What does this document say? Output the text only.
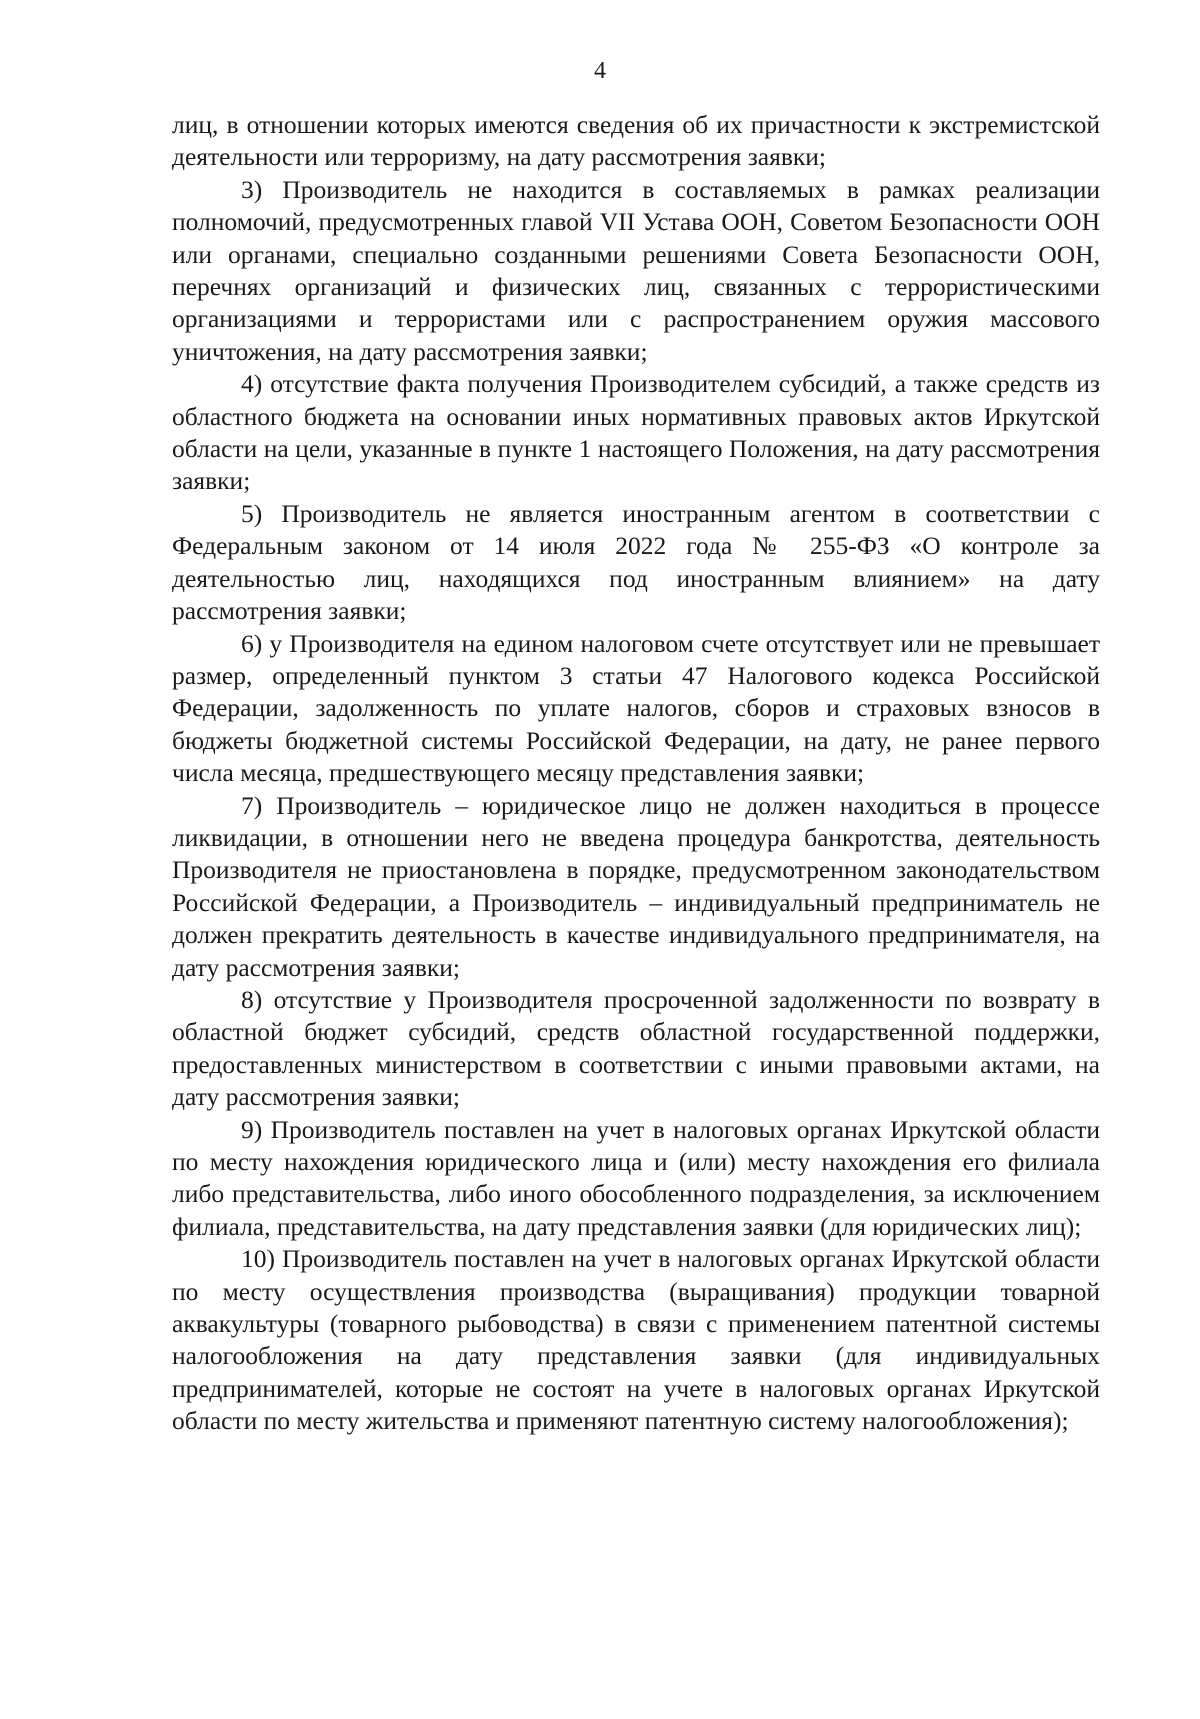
4

лиц, в отношении которых имеются сведения об их причастности к экстремистской деятельности или терроризму, на дату рассмотрения заявки;

3) Производитель не находится в составляемых в рамках реализации полномочий, предусмотренных главой VII Устава ООН, Советом Безопасности ООН или органами, специально созданными решениями Совета Безопасности ООН, перечнях организаций и физических лиц, связанных с террористическими организациями и террористами или с распространением оружия массового уничтожения, на дату рассмотрения заявки;

4) отсутствие факта получения Производителем субсидий, а также средств из областного бюджета на основании иных нормативных правовых актов Иркутской области на цели, указанные в пункте 1 настоящего Положения, на дату рассмотрения заявки;

5) Производитель не является иностранным агентом в соответствии с Федеральным законом от 14 июля 2022 года № 255-ФЗ «О контроле за деятельностью лиц, находящихся под иностранным влиянием» на дату рассмотрения заявки;

6) у Производителя на едином налоговом счете отсутствует или не превышает размер, определенный пунктом 3 статьи 47 Налогового кодекса Российской Федерации, задолженность по уплате налогов, сборов и страховых взносов в бюджеты бюджетной системы Российской Федерации, на дату, не ранее первого числа месяца, предшествующего месяцу представления заявки;

7) Производитель – юридическое лицо не должен находиться в процессе ликвидации, в отношении него не введена процедура банкротства, деятельность Производителя не приостановлена в порядке, предусмотренном законодательством Российской Федерации, а Производитель – индивидуальный предприниматель не должен прекратить деятельность в качестве индивидуального предпринимателя, на дату рассмотрения заявки;

8) отсутствие у Производителя просроченной задолженности по возврату в областной бюджет субсидий, средств областной государственной поддержки, предоставленных министерством в соответствии с иными правовыми актами, на дату рассмотрения заявки;

9) Производитель поставлен на учет в налоговых органах Иркутской области по месту нахождения юридического лица и (или) месту нахождения его филиала либо представительства, либо иного обособленного подразделения, за исключением филиала, представительства, на дату представления заявки (для юридических лиц);

10) Производитель поставлен на учет в налоговых органах Иркутской области по месту осуществления производства (выращивания) продукции товарной аквакультуры (товарного рыбоводства) в связи с применением патентной системы налогообложения на дату представления заявки (для индивидуальных предпринимателей, которые не состоят на учете в налоговых органах Иркутской области по месту жительства и применяют патентную систему налогообложения);
